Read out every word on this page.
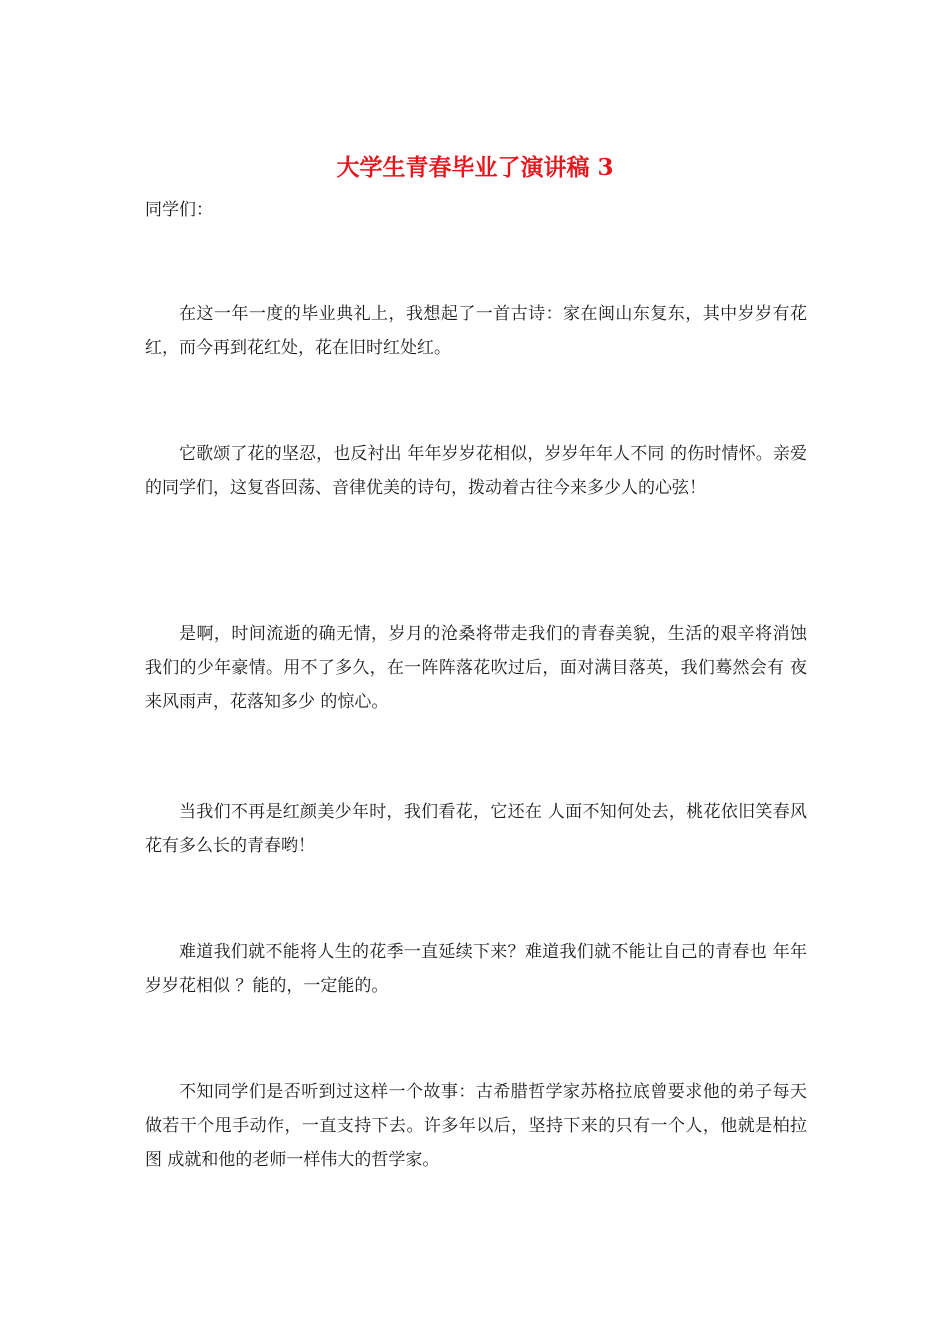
大学生青春毕业了演讲稿 3

同学们：

在这一年一度的毕业典礼上，我想起了一首古诗：家在闽山东复东，其中岁岁有花红，而今再到花红处，花在旧时红处红。

它歌颂了花的坚忍，也反衬出 年年岁岁花相似，岁岁年年人不同 的伤时情怀。亲爱的同学们，这复沓回荡、音律优美的诗句，拨动着古往今来多少人的心弦！

是啊，时间流逝的确无情，岁月的沧桑将带走我们的青春美貌，生活的艰辛将消蚀我们的少年豪情。用不了多久，在一阵阵落花吹过后，面对满目落英，我们蓦然会有 夜来风雨声，花落知多少 的惊心。

当我们不再是红颜美少年时，我们看花，它还在 人面不知何处去，桃花依旧笑春风 花有多么长的青春哟！

难道我们就不能将人生的花季一直延续下来？难道我们就不能让自己的青春也 年年岁岁花相似 ？能的，一定能的。

不知同学们是否听到过这样一个故事：古希腊哲学家苏格拉底曾要求他的弟子每天做若干个甩手动作，一直支持下去。许多年以后，坚持下来的只有一个人，他就是柏拉图 成就和他的老师一样伟大的哲学家。
